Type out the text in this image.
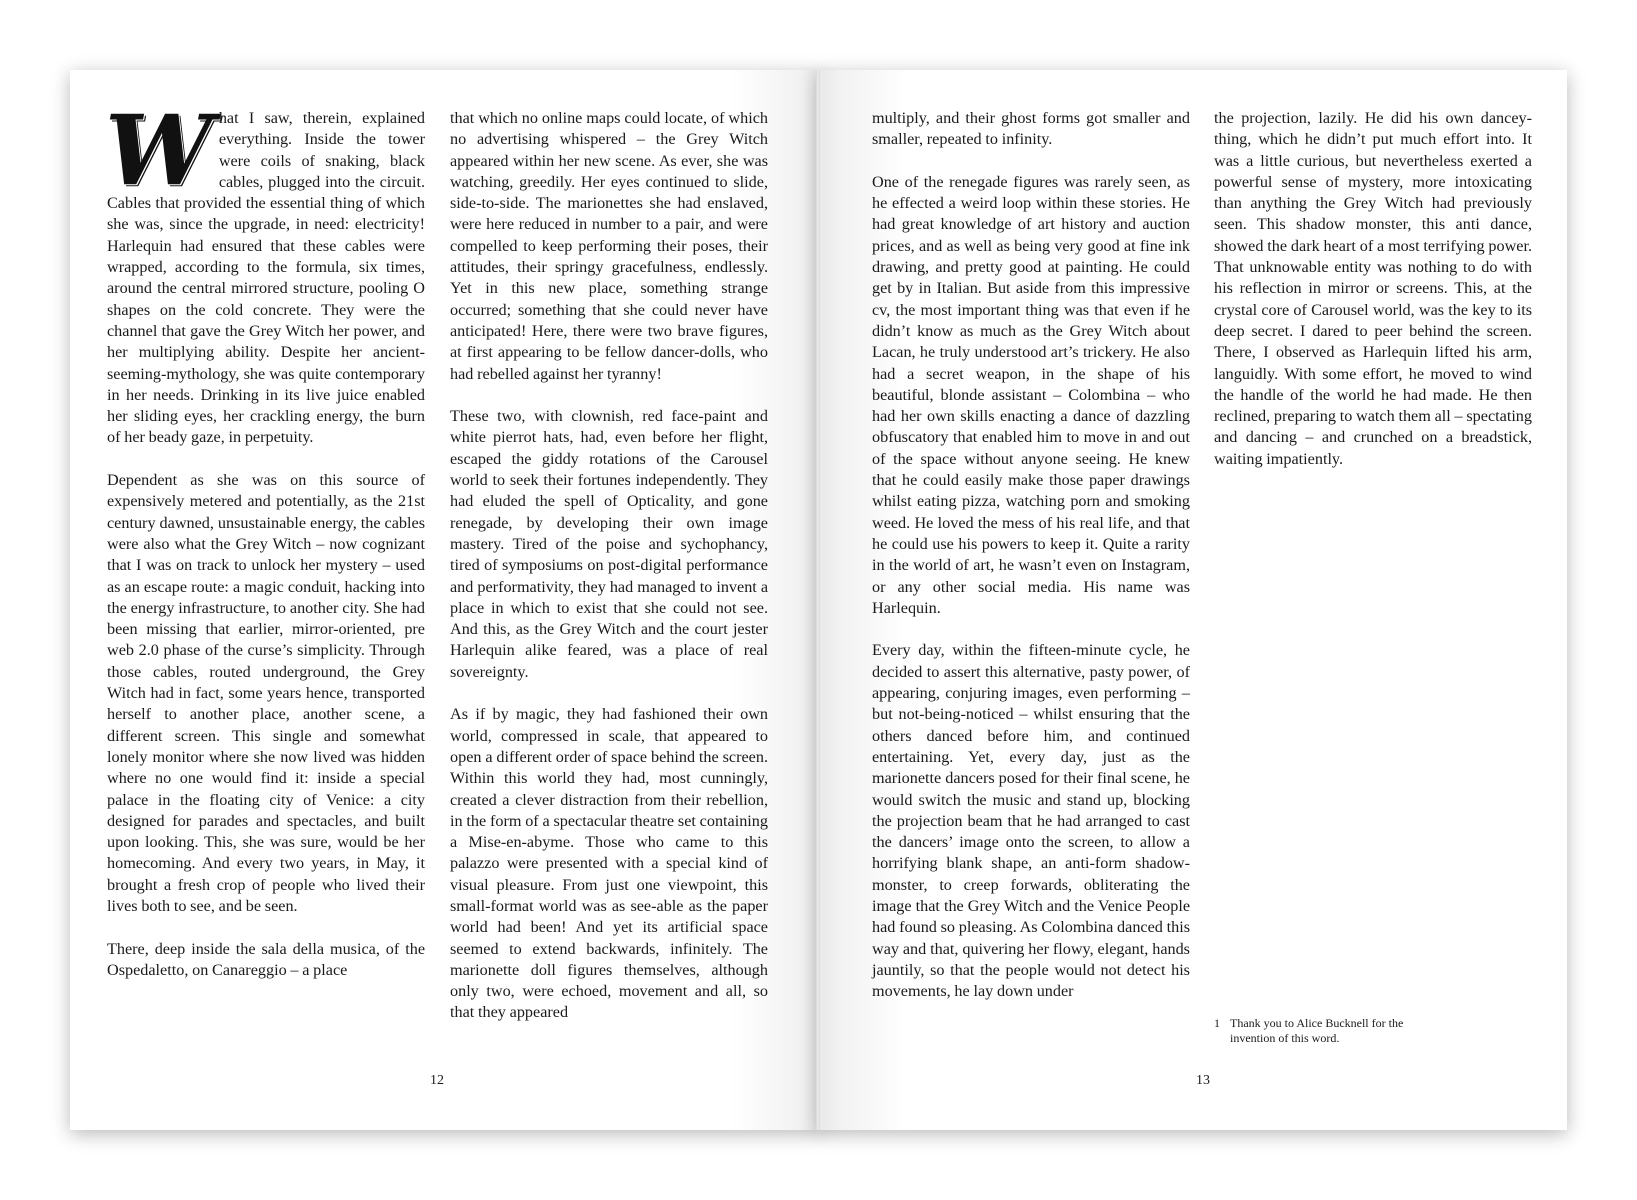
What I saw, therein, explained everything. Inside the tower were coils of snaking, black cables, plugged into the circuit. Cables that provided the essential thing of which she was, since the upgrade, in need: electricity! Harlequin had ensured that these cables were wrapped, according to the formula, six times, around the central mirrored structure, pooling O shapes on the cold concrete. They were the channel that gave the Grey Witch her power, and her multiplying ability. Despite her ancient-seeming-mythology, she was quite contemporary in her needs. Drinking in its live juice enabled her sliding eyes, her crackling energy, the burn of her beady gaze, in perpetuity.

Dependent as she was on this source of expensively metered and potentially, as the 21st century dawned, unsustainable energy, the cables were also what the Grey Witch – now cognizant that I was on track to unlock her mystery – used as an escape route: a magic conduit, hacking into the energy infrastructure, to another city. She had been missing that earlier, mirror-oriented, pre web 2.0 phase of the curse’s simplicity. Through those cables, routed underground, the Grey Witch had in fact, some years hence, transported herself to another place, another scene, a different screen. This single and somewhat lonely monitor where she now lived was hidden where no one would find it: inside a special palace in the floating city of Venice: a city designed for parades and spectacles, and built upon looking. This, she was sure, would be her homecoming. And every two years, in May, it brought a fresh crop of people who lived their lives both to see, and be seen.

There, deep inside the sala della musica, of the Ospedaletto, on Canareggio – a place

that which no online maps could locate, of which no advertising whispered – the Grey Witch appeared within her new scene. As ever, she was watching, greedily. Her eyes continued to slide, side-to-side. The marionettes she had enslaved, were here reduced in number to a pair, and were compelled to keep performing their poses, their attitudes, their springy gracefulness, endlessly. Yet in this new place, something strange occurred; something that she could never have anticipated! Here, there were two brave figures, at first appearing to be fellow dancer-dolls, who had rebelled against her tyranny!

These two, with clownish, red face-paint and white pierrot hats, had, even before her flight, escaped the giddy rotations of the Carousel world to seek their fortunes independently. They had eluded the spell of Opticality, and gone renegade, by developing their own image mastery. Tired of the poise and sychophancy, tired of symposiums on post-digital performance and performativity, they had managed to invent a place in which to exist that she could not see. And this, as the Grey Witch and the court jester Harlequin alike feared, was a place of real sovereignty.

As if by magic, they had fashioned their own world, compressed in scale, that appeared to open a different order of space behind the screen. Within this world they had, most cunningly, created a clever distraction from their rebellion, in the form of a spectacular theatre set containing a Mise-en-abyme. Those who came to this palazzo were presented with a special kind of visual pleasure. From just one viewpoint, this small-format world was as see-able as the paper world had been! And yet its artificial space seemed to extend backwards, infinitely. The marionette doll figures themselves, although only two, were echoed, movement and all, so that they appeared

12

multiply, and their ghost forms got smaller and smaller, repeated to infinity.

One of the renegade figures was rarely seen, as he effected a weird loop within these stories. He had great knowledge of art history and auction prices, and as well as being very good at fine ink drawing, and pretty good at painting. He could get by in Italian. But aside from this impressive cv, the most important thing was that even if he didn’t know as much as the Grey Witch about Lacan, he truly understood art’s trickery. He also had a secret weapon, in the shape of his beautiful, blonde assistant – Colombina – who had her own skills enacting a dance of dazzling obfuscatory that enabled him to move in and out of the space without anyone seeing. He knew that he could easily make those paper drawings whilst eating pizza, watching porn and smoking weed. He loved the mess of his real life, and that he could use his powers to keep it. Quite a rarity in the world of art, he wasn’t even on Instagram, or any other social media. His name was Harlequin.

Every day, within the fifteen-minute cycle, he decided to assert this alternative, pasty power, of appearing, conjuring images, even performing – but not-being-noticed – whilst ensuring that the others danced before him, and continued entertaining. Yet, every day, just as the marionette dancers posed for their final scene, he would switch the music and stand up, blocking the projection beam that he had arranged to cast the dancers’ image onto the screen, to allow a horrifying blank shape, an anti-form shadow-monster, to creep forwards, obliterating the image that the Grey Witch and the Venice People had found so pleasing. As Colombina danced this way and that, quivering her flowy, elegant, hands jauntily, so that the people would not detect his movements, he lay down under

the projection, lazily. He did his own dancey-thing, which he didn’t put much effort into. It was a little curious, but nevertheless exerted a powerful sense of mystery, more intoxicating than anything the Grey Witch had previously seen. This shadow monster, this anti dance, showed the dark heart of a most terrifying power. That unknowable entity was nothing to do with his reflection in mirror or screens. This, at the crystal core of Carousel world, was the key to its deep secret. I dared to peer behind the screen. There, I observed as Harlequin lifted his arm, languidly. With some effort, he moved to wind the handle of the world he had made. He then reclined, preparing to watch them all – spectating and dancing – and crunched on a breadstick, waiting impatiently.

1 Thank you to Alice Bucknell for the invention of this word.
13
